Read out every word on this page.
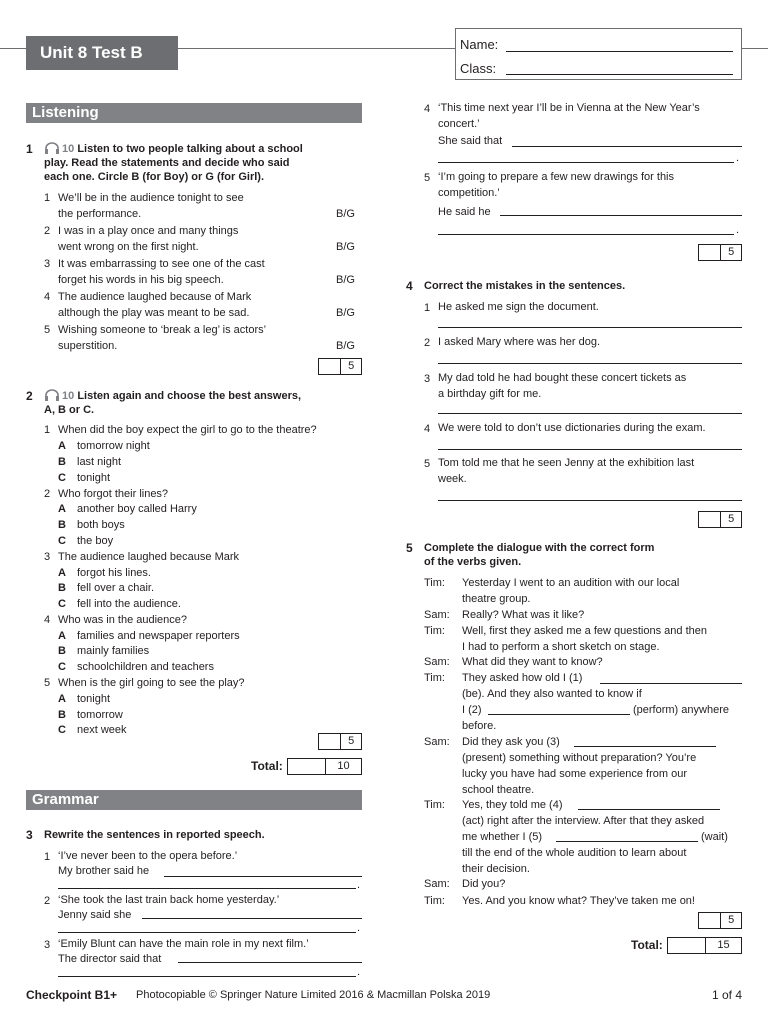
Unit 8 Test B	Name:
Class:
Listening
1	10 Listen to two people talking about a school
play. Read the statements and decide who said
each one. Circle B (for Boy) or G (for Girl).
1 We’ll be in the audience tonight to see
the performance.	B/G
2 I was in a play once and many things
went wrong on the first night.	B/G
3 It was embarrassing to see one of the cast
forget his words in his big speech.	B/G
4 The audience laughed because of Mark
although the play was meant to be sad.	B/G
5 Wishing someone to ‘break a leg’ is actors’
superstition.	B/G
5
2	10 Listen again and choose the best answers,
A, B or C.
1 When did the boy expect the girl to go to the theatre?
A tomorrow night
B last night
C tonight
2 Who forgot their lines?
A another boy called Harry
B both boys
C the boy
3 The audience laughed because Mark
A forgot his lines.
B fell over a chair.
C fell into the audience.
4 Who was in the audience?
A families and newspaper reporters
B mainly families
C schoolchildren and teachers
5 When is the girl going to see the play?
A tonight
B tomorrow
C next week
5
Total:	10
Grammar
3 Rewrite the sentences in reported speech.
1 ‘I’ve never been to the opera before.’
My brother said he
.
2 ‘She took the last train back home yesterday.’
Jenny said she
.
3 ‘Emily Blunt can have the main role in my next film.’
The director said that
.
4 ‘This time next year I’ll be in Vienna at the New Year’s
concert.’
She said that
.
5 ‘I’m going to prepare a few new drawings for this
competition.’
He said he
.
5
4 Correct the mistakes in the sentences.
1 He asked me sign the document.
2 I asked Mary where was her dog.
3 My dad told he had bought these concert tickets as
a birthday gift for me.
4 We were told to don’t use dictionaries during the exam.
5 Tom told me that he seen Jenny at the exhibition last
week.
5
5 Complete the dialogue with the correct form
of the verbs given.
Tim: Yesterday I went to an audition with our local
theatre group.
Sam: Really? What was it like?
Tim: Well, first they asked me a few questions and then
I had to perform a short sketch on stage.
Sam: What did they want to know?
Tim: They asked how old I (1)
(be). And they also wanted to know if
I (2)	(perform) anywhere
before.
Sam: Did they ask you (3)
(present) something without preparation? You’re
lucky you have had some experience from our
school theatre.
Tim: Yes, they told me (4)
(act) right after the interview. After that they asked
me whether I (5)	(wait)
till the end of the whole audition to learn about
their decision.
Sam: Did you?
Tim: Yes. And you know what? They’ve taken me on!
5
Total:	15
Checkpoint B1+ Photocopiable © Springer Nature Limited 2016 & Macmillan Polska 2019	1 of 4
